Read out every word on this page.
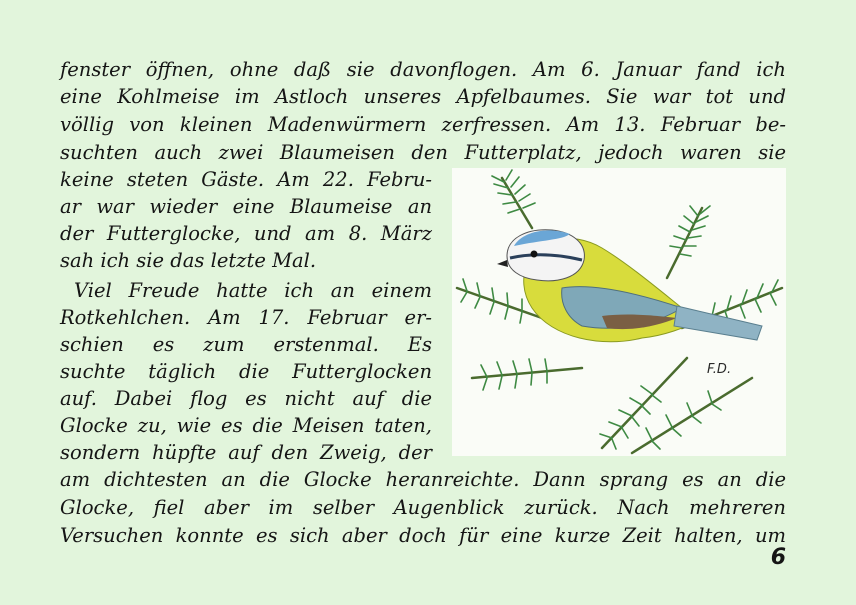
fenster öffnen, ohne daß sie davonflogen. Am 6. Januar fand ich
eine Kohlmeise im Astloch unseres Apfelbaumes. Sie war tot und
völlig von kleinen Madenwürmern zerfressen. Am 13. Februar be-
suchten auch zwei Blaumeisen den Futterplatz, jedoch waren sie
keine steten Gäste. Am 22. Febru-
ar war wieder eine Blaumeise an
der Futterglocke, und am 8. März
sah ich sie das letzte Mal.
Viel Freude hatte ich an einem
Rotkehlchen. Am 17. Februar er-
schien es zum erstenmal. Es
suchte täglich die Futterglocken
auf. Dabei flog es nicht auf die
Glocke zu, wie es die Meisen taten,
sondern hüpfte auf den Zweig, der
am dichtesten an die Glocke heranreichte. Dann sprang es an die
Glocke, fiel aber im selber Augenblick zurück. Nach mehreren
Versuchen konnte es sich aber doch für eine kurze Zeit halten, um
F.D.
6
